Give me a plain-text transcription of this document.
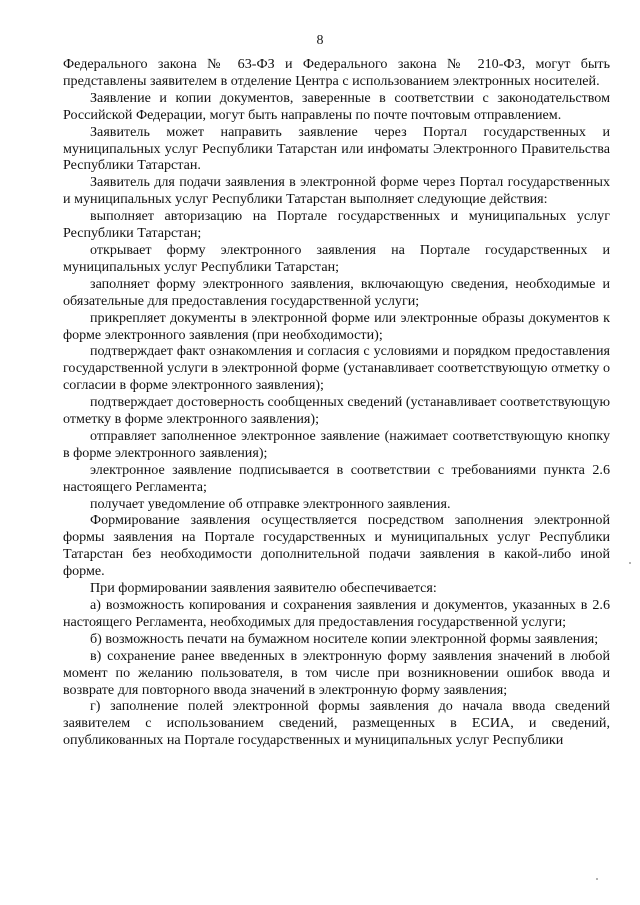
8

Федерального закона № 63-ФЗ и Федерального закона № 210-ФЗ, могут быть представлены заявителем в отделение Центра с использованием электронных носителей.

Заявление и копии документов, заверенные в соответствии с законодательством Российской Федерации, могут быть направлены по почте почтовым отправлением.

Заявитель может направить заявление через Портал государственных и муниципальных услуг Республики Татарстан или инфоматы Электронного Правительства Республики Татарстан.

Заявитель для подачи заявления в электронной форме через Портал государственных и муниципальных услуг Республики Татарстан выполняет следующие действия:

выполняет авторизацию на Портале государственных и муниципальных услуг Республики Татарстан;

открывает форму электронного заявления на Портале государственных и муниципальных услуг Республики Татарстан;

заполняет форму электронного заявления, включающую сведения, необходимые и обязательные для предоставления государственной услуги;

прикрепляет документы в электронной форме или электронные образы документов к форме электронного заявления (при необходимости);

подтверждает факт ознакомления и согласия с условиями и порядком предоставления государственной услуги в электронной форме (устанавливает соответствующую отметку о согласии в форме электронного заявления);

подтверждает достоверность сообщенных сведений (устанавливает соответствующую отметку в форме электронного заявления);

отправляет заполненное электронное заявление (нажимает соответствующую кнопку в форме электронного заявления);

электронное заявление подписывается в соответствии с требованиями пункта 2.6 настоящего Регламента;

получает уведомление об отправке электронного заявления.

Формирование заявления осуществляется посредством заполнения электронной формы заявления на Портале государственных и муниципальных услуг Республики Татарстан без необходимости дополнительной подачи заявления в какой-либо иной форме.

При формировании заявления заявителю обеспечивается:

а) возможность копирования и сохранения заявления и документов, указанных в 2.6 настоящего Регламента, необходимых для предоставления государственной услуги;

б) возможность печати на бумажном носителе копии электронной формы заявления;

в) сохранение ранее введенных в электронную форму заявления значений в любой момент по желанию пользователя, в том числе при возникновении ошибок ввода и возврате для повторного ввода значений в электронную форму заявления;

г) заполнение полей электронной формы заявления до начала ввода сведений заявителем с использованием сведений, размещенных в ЕСИА, и сведений, опубликованных на Портале государственных и муниципальных услуг Республики
